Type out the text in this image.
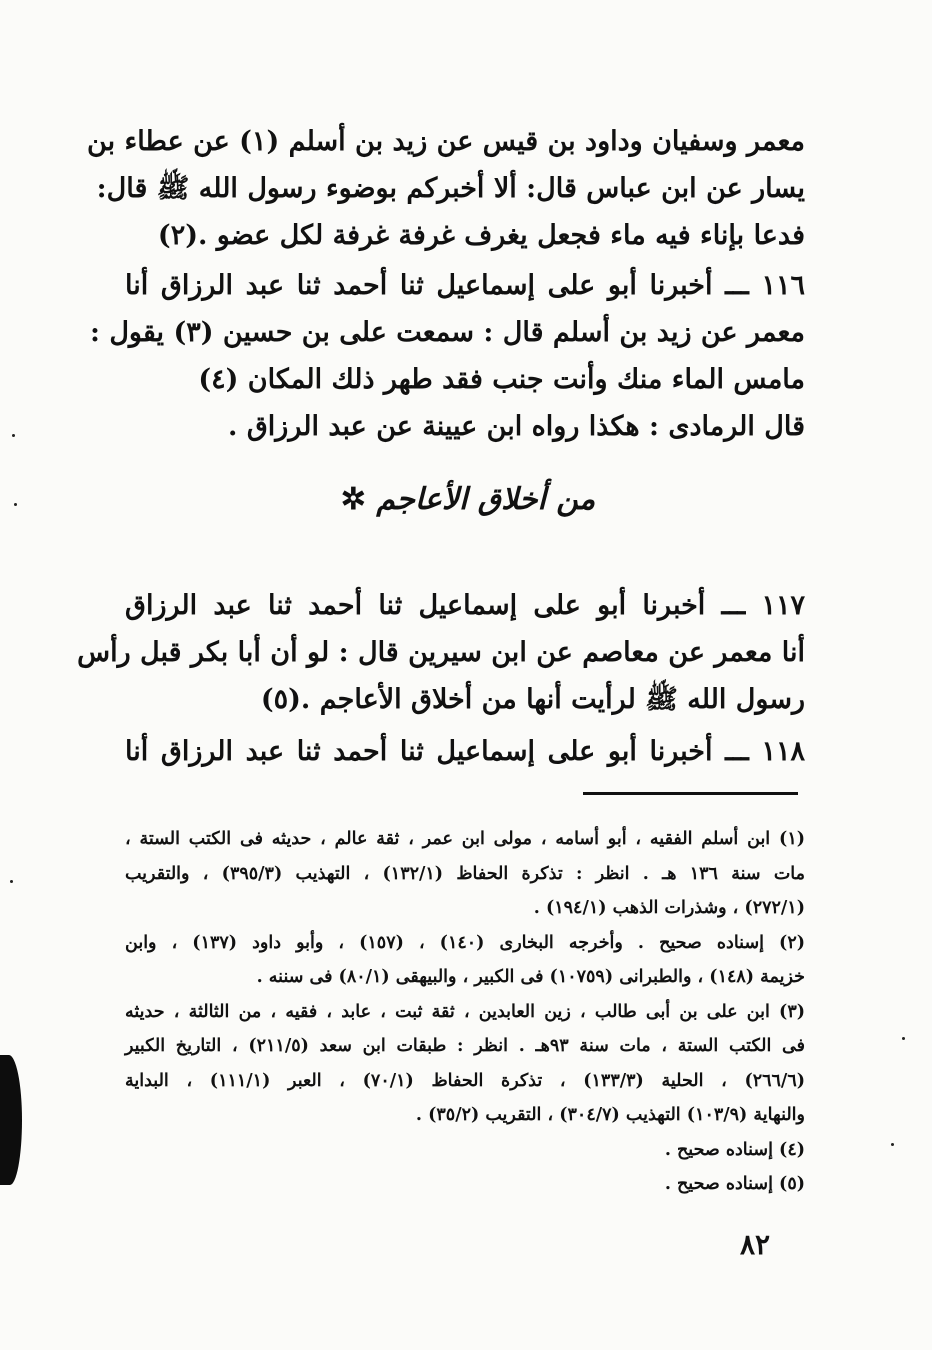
معمر وسفيان وداود بن قيس عن زيد بن أسلم (١) عن عطاء بن
يسار عن ابن عباس قال: ألا أخبركم بوضوء رسول الله ﷺ قال:
فدعا بإناء فيه ماء فجعل يغرف غرفة غرفة لكل عضو .(٢)
١١٦ ـــ أخبرنا أبو على إسماعيل ثنا أحمد ثنا عبد الرزاق أنا
معمر عن زيد بن أسلم قال : سمعت على بن حسين (٣) يقول :
مامس الماء منك وأنت جنب فقد طهر ذلك المكان (٤)
قال الرمادى : هكذا رواه ابن عيينة عن عبد الرزاق .
من أخلاق الأعاجم ✲
١١٧ ـــ أخبرنا أبو على إسماعيل ثنا أحمد ثنا عبد الرزاق
أنا معمر عن معاصم عن ابن سيرين قال : لو أن أبا بكر قبل رأس
رسول الله ﷺ لرأيت أنها من أخلاق الأعاجم .(٥)
١١٨ ـــ أخبرنا أبو على إسماعيل ثنا أحمد ثنا عبد الرزاق أنا
(١) ابن أسلم الفقيه ، أبو أسامه ، مولى ابن عمر ، ثقة عالم ، حديثه فى الكتب الستة ،
مات سنة ١٣٦ هـ . انظر : تذكرة الحفاظ (١٣٢/١) ، التهذيب (٣٩٥/٣) ، والتقريب
(٢٧٢/١) ، وشذرات الذهب (١٩٤/١) .
(٢) إسناده صحيح . وأخرجه البخارى (١٤٠) ، (١٥٧) ، وأبو داود (١٣٧) ، وابن
خزيمة (١٤٨) ، والطبرانى (١٠٧٥٩) فى الكبير ، والبيهقى (٨٠/١) فى سننه .
(٣) ابن على بن أبى طالب ، زين العابدين ، ثقة ثبت ، عابد ، فقيه ، من الثالثة ، حديثه
فى الكتب الستة ، مات سنة ٩٣هـ . انظر : طبقات ابن سعد (٢١١/٥) ، التاريخ الكبير
(٢٦٦/٦) ، الحلية (١٣٣/٣) ، تذكرة الحفاظ (٧٠/١) ، العبر (١١١/١) ، البداية
والنهاية (١٠٣/٩) التهذيب (٣٠٤/٧) ، التقريب (٣٥/٢) .
(٤) إسناده صحيح .
(٥) إسناده صحيح .
٨٢
